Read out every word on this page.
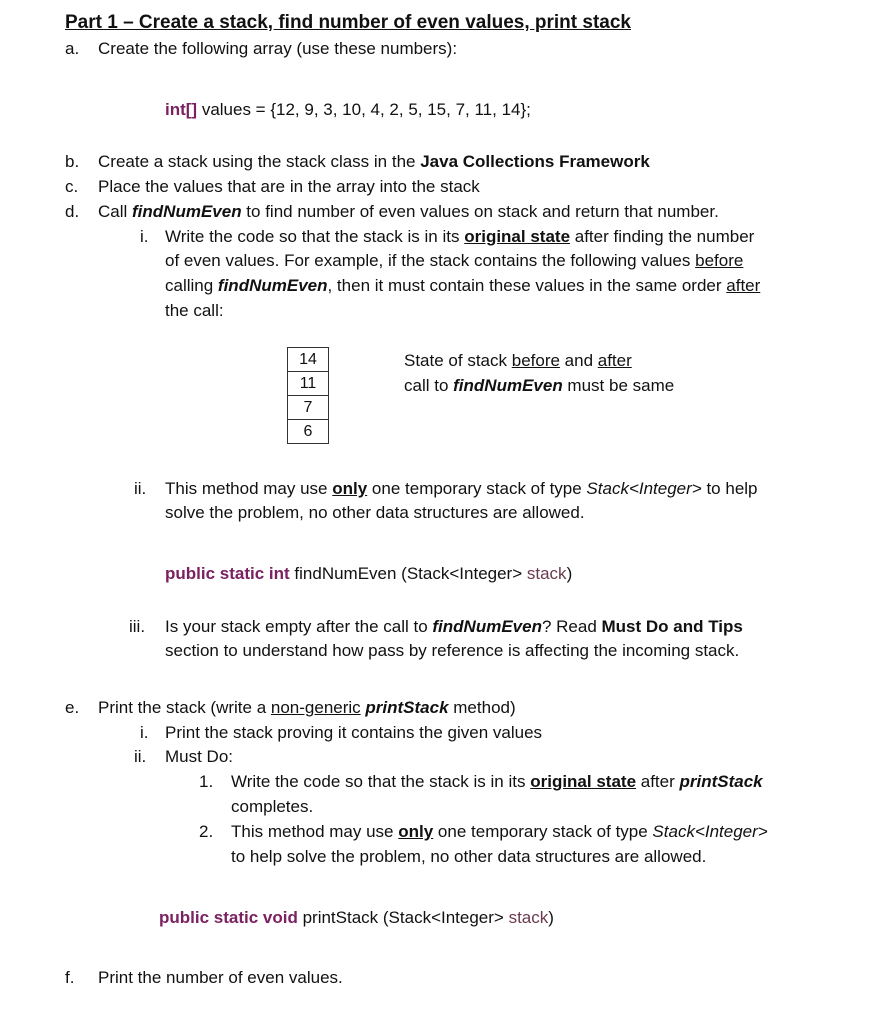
Part 1 – Create a stack, find number of even values, print stack
a. Create the following array (use these numbers):
int[] values = {12, 9, 3, 10, 4, 2, 5, 15, 7, 11, 14};
b. Create a stack using the stack class in the Java Collections Framework
c. Place the values that are in the array into the stack
d. Call findNumEven to find number of even values on stack and return that number.
i. Write the code so that the stack is in its original state after finding the number
of even values. For example, if the stack contains the following values before
calling findNumEven, then it must contain these values in the same order after
the call:
14
11
7
6
State of stack before and after
call to findNumEven must be same
ii. This method may use only one temporary stack of type Stack<Integer> to help
solve the problem, no other data structures are allowed.
public static int findNumEven (Stack<Integer> stack)
iii. Is your stack empty after the call to findNumEven? Read Must Do and Tips
section to understand how pass by reference is affecting the incoming stack.
e. Print the stack (write a non-generic printStack method)
i. Print the stack proving it contains the given values
ii. Must Do:
1. Write the code so that the stack is in its original state after printStack
completes.
2. This method may use only one temporary stack of type Stack<Integer>
to help solve the problem, no other data structures are allowed.
public static void printStack (Stack<Integer> stack)
f. Print the number of even values.
